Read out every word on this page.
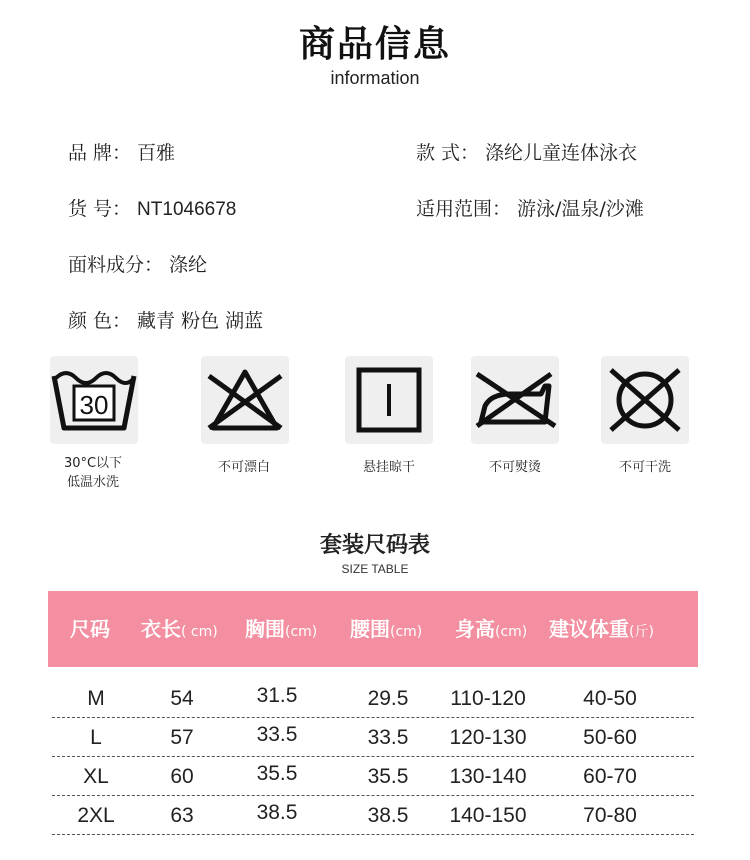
商品信息
information
品 牌： 百雅	款 式： 涤纶儿童连体泳衣
货 号： NT1046678	适用范围： 游泳/温泉/沙滩
面料成分： 涤纶
颜 色： 藏青 粉色 湖蓝
30
30°C以下
低温水洗
不可漂白	悬挂晾干	不可熨烫	不可干洗
套装尺码表
SIZE TABLE
尺码 衣长( cm) 胸围(cm) 腰围(cm) 身高(cm) 建议体重(斤)
M	54	31.5	29.5	110-120	40-50
L	57	33.5	33.5	120-130	50-60
XL	60	35.5	35.5	130-140	60-70
2XL	63	38.5	38.5	140-150	70-80
